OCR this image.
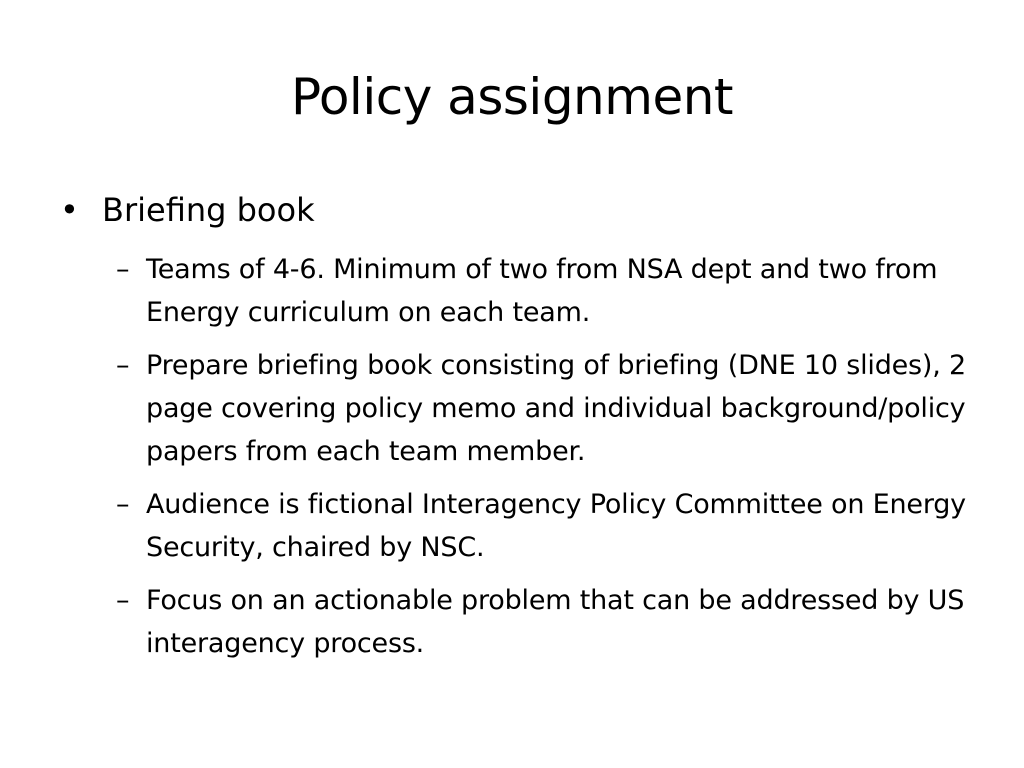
Policy assignment
• Briefing book
– Teams of 4-6. Minimum of two from NSA dept and two from Energy curriculum on each team.
– Prepare briefing book consisting of briefing (DNE 10 slides), 2 page covering policy memo and individual background/policy papers from each team member.
– Audience is fictional Interagency Policy Committee on Energy Security, chaired by NSC.
– Focus on an actionable problem that can be addressed by US interagency process.
